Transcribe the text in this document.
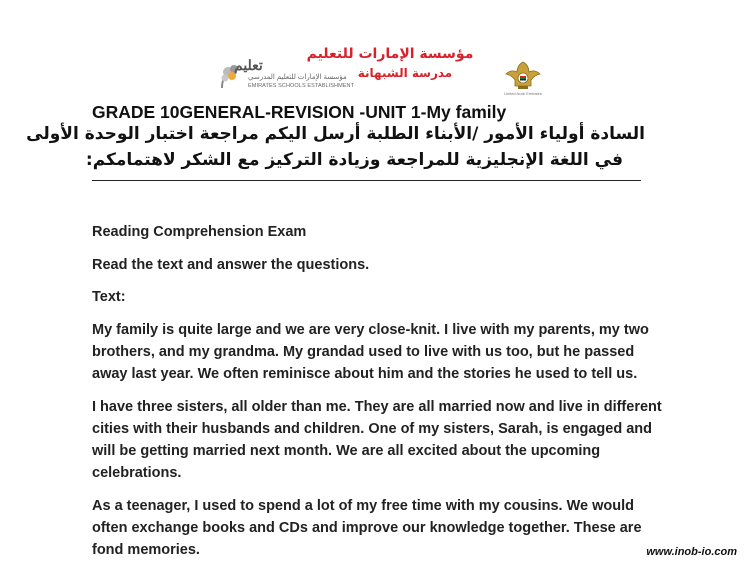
تعليم
مؤسسة الإمارات للتعليم المدرسي
EMIRATES SCHOOLS ESTABLISHMENT
مؤسسة الإمارات للتعليم
مدرسة الشبهانة
United Arab Emirates
GRADE 10GENERAL-REVISION -UNIT 1-My family
السادة أولياء الأمور /الأبناء الطلبة أرسل اليكم مراجعة اختبار الوحدة الأولى
في اللغة الإنجليزية للمراجعة وزيادة التركيز مع الشكر لاهتمامكم:

Reading Comprehension Exam

Read the text and answer the questions.

Text:

My family is quite large and we are very close-knit. I live with my parents, my two brothers, and my grandma. My grandad used to live with us too, but he passed away last year. We often reminisce about him and the stories he used to tell us.

I have three sisters, all older than me. They are all married now and live in different cities with their husbands and children. One of my sisters, Sarah, is engaged and will be getting married next month. We are all excited about the upcoming celebrations.

As a teenager, I used to spend a lot of my free time with my cousins. We would often exchange books and CDs and improve our knowledge together. These are fond memories.	www.inob-io.com
